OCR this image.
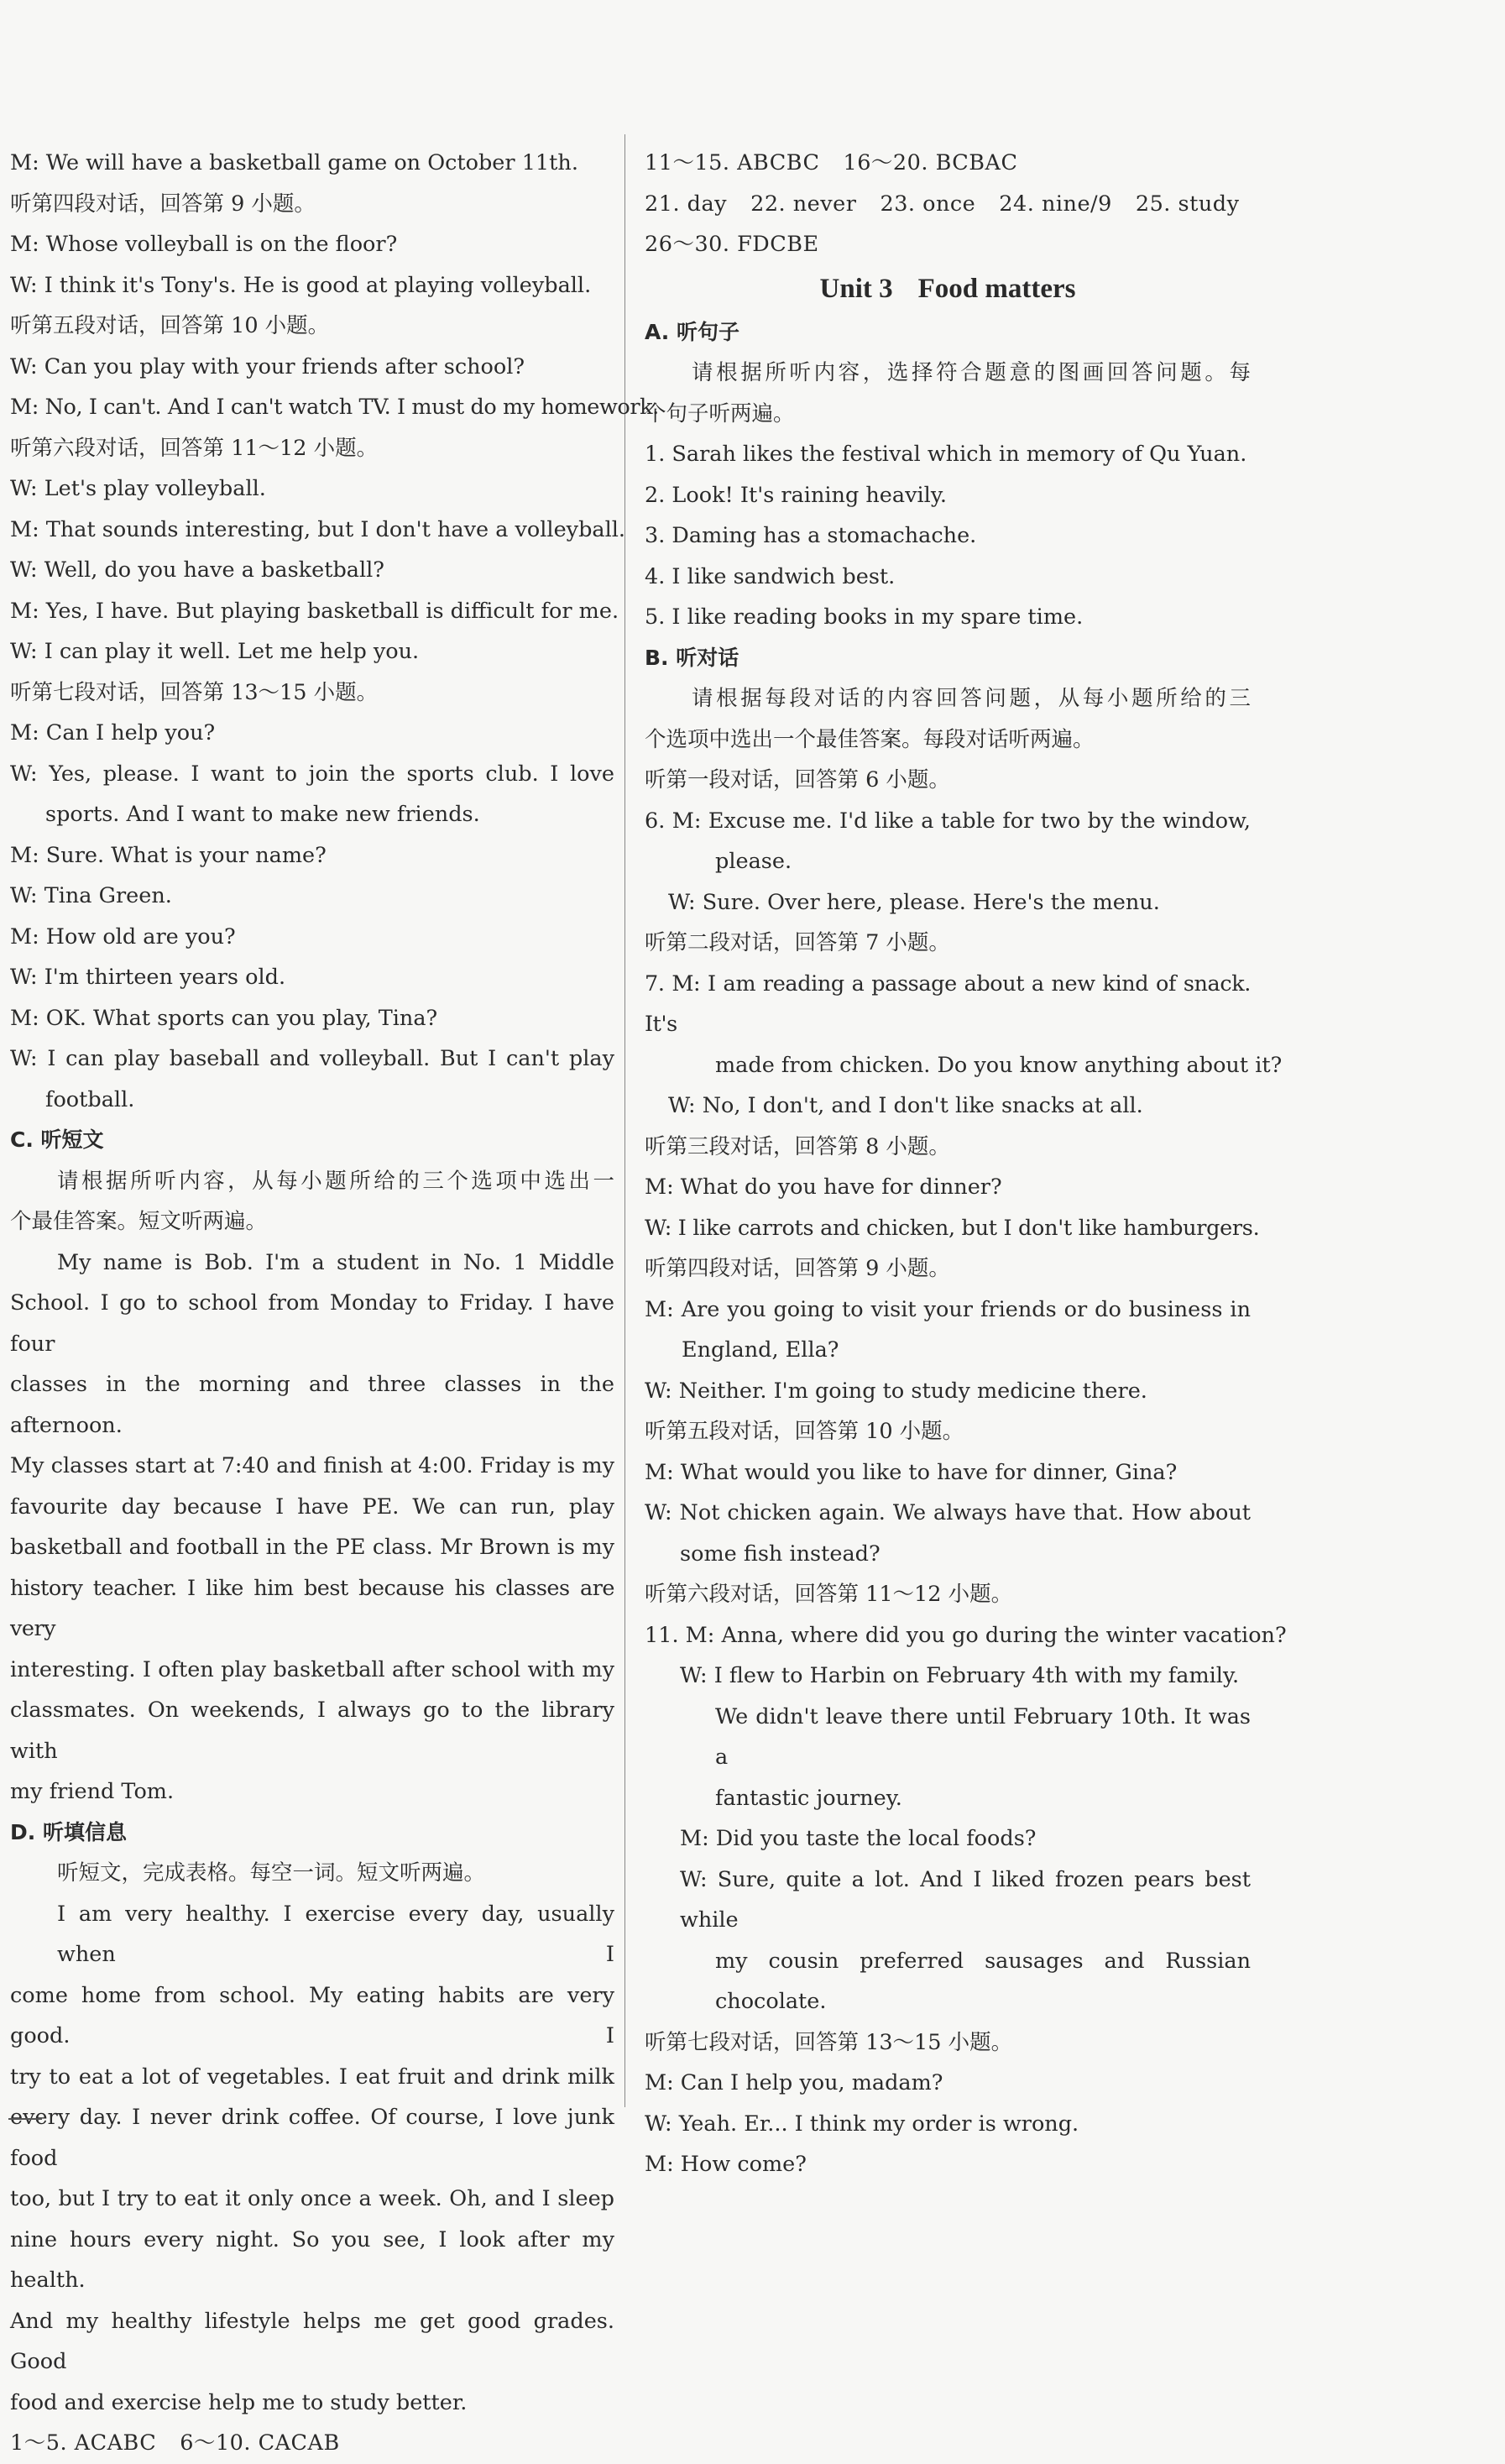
M: We will have a basketball game on October 11th.
听第四段对话，回答第 9 小题。
M: Whose volleyball is on the floor?
W: I think it's Tony's. He is good at playing volleyball.
听第五段对话，回答第 10 小题。
W: Can you play with your friends after school?
M: No, I can't. And I can't watch TV. I must do my homework.
听第六段对话，回答第 11～12 小题。
W: Let's play volleyball.
M: That sounds interesting, but I don't have a volleyball.
W: Well, do you have a basketball?
M: Yes, I have. But playing basketball is difficult for me.
W: I can play it well. Let me help you.
听第七段对话，回答第 13～15 小题。
M: Can I help you?
W: Yes, please. I want to join the sports club. I love
sports. And I want to make new friends.
M: Sure. What is your name?
W: Tina Green.
M: How old are you?
W: I'm thirteen years old.
M: OK. What sports can you play, Tina?
W: I can play baseball and volleyball. But I can't play
football.
C. 听短文
请根据所听内容，从每小题所给的三个选项中选出一
个最佳答案。短文听两遍。
My name is Bob. I'm a student in No. 1 Middle
School. I go to school from Monday to Friday. I have four
classes in the morning and three classes in the afternoon.
My classes start at 7:40 and finish at 4:00. Friday is my
favourite day because I have PE. We can run, play
basketball and football in the PE class. Mr Brown is my
history teacher. I like him best because his classes are very
interesting. I often play basketball after school with my
classmates. On weekends, I always go to the library with
my friend Tom.
D. 听填信息
听短文，完成表格。每空一词。短文听两遍。
I am very healthy. I exercise every day, usually when I
come home from school. My eating habits are very good. I
try to eat a lot of vegetables. I eat fruit and drink milk
every day. I never drink coffee. Of course, I love junk food
too, but I try to eat it only once a week. Oh, and I sleep
nine hours every night. So you see, I look after my health.
And my healthy lifestyle helps me get good grades. Good
food and exercise help me to study better.
1～5. ACABC 6～10. CACAB
11～15. ABCBC 16～20. BCBAC
21. day 22. never 23. once 24. nine/9 25. study
26～30. FDCBE
Unit 3 Food matters
A. 听句子
请根据所听内容，选择符合题意的图画回答问题。每
个句子听两遍。
1. Sarah likes the festival which in memory of Qu Yuan.
2. Look! It's raining heavily.
3. Daming has a stomachache.
4. I like sandwich best.
5. I like reading books in my spare time.
B. 听对话
请根据每段对话的内容回答问题，从每小题所给的三
个选项中选出一个最佳答案。每段对话听两遍。
听第一段对话，回答第 6 小题。
6. M: Excuse me. I'd like a table for two by the window,
please.
W: Sure. Over here, please. Here's the menu.
听第二段对话，回答第 7 小题。
7. M: I am reading a passage about a new kind of snack. It's
made from chicken. Do you know anything about it?
W: No, I don't, and I don't like snacks at all.
听第三段对话，回答第 8 小题。
M: What do you have for dinner?
W: I like carrots and chicken, but I don't like hamburgers.
听第四段对话，回答第 9 小题。
M: Are you going to visit your friends or do business in
England, Ella?
W: Neither. I'm going to study medicine there.
听第五段对话，回答第 10 小题。
M: What would you like to have for dinner, Gina?
W: Not chicken again. We always have that. How about
some fish instead?
听第六段对话，回答第 11～12 小题。
11. M: Anna, where did you go during the winter vacation?
W: I flew to Harbin on February 4th with my family.
We didn't leave there until February 10th. It was a
fantastic journey.
M: Did you taste the local foods?
W: Sure, quite a lot. And I liked frozen pears best while
my cousin preferred sausages and Russian
chocolate.
听第七段对话，回答第 13～15 小题。
M: Can I help you, madam?
W: Yeah. Er... I think my order is wrong.
M: How come?
